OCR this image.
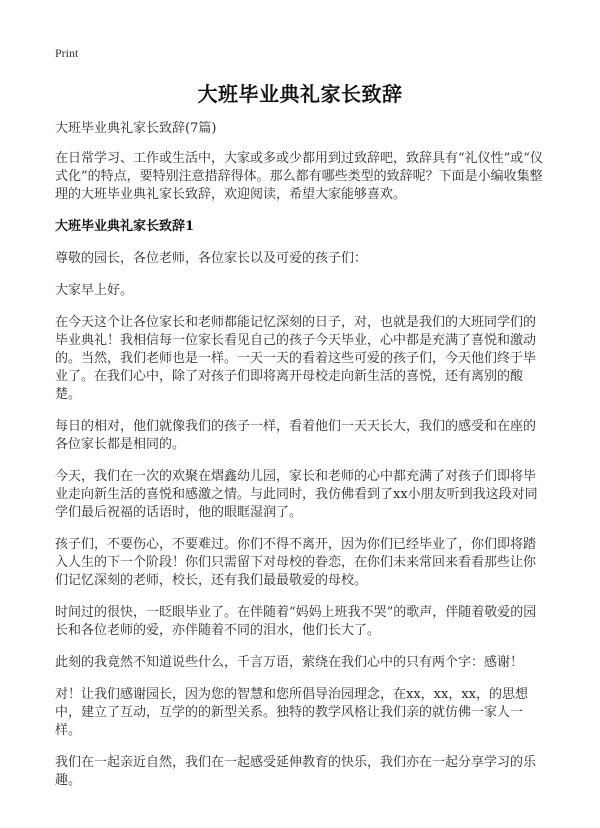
Print
大班毕业典礼家长致辞

大班毕业典礼家长致辞(7篇)

在日常学习、工作或生活中，大家或多或少都用到过致辞吧，致辞具有“礼仪性”或“仪式化”的特点，要特别注意措辞得体。那么都有哪些类型的致辞呢？下面是小编收集整理的大班毕业典礼家长致辞，欢迎阅读，希望大家能够喜欢。

大班毕业典礼家长致辞1

尊敬的园长，各位老师，各位家长以及可爱的孩子们：

大家早上好。

在今天这个让各位家长和老师都能记忆深刻的日子，对，也就是我们的大班同学们的毕业典礼！我相信每一位家长看见自己的孩子今天毕业，心中都是充满了喜悦和激动的。当然，我们老师也是一样。一天一天的看着这些可爱的孩子们，今天他们终于毕业了。在我们心中，除了对孩子们即将离开母校走向新生活的喜悦，还有离别的酸楚。

每日的相对，他们就像我们的孩子一样，看着他们一天天长大，我们的感受和在座的各位家长都是相同的。

今天，我们在一次的欢聚在熠鑫幼儿园，家长和老师的心中都充满了对孩子们即将毕业走向新生活的喜悦和感激之情。与此同时，我仿佛看到了xx小朋友听到我这段对同学们最后祝福的话语时，他的眼眶湿润了。

孩子们，不要伤心，不要难过。你们不得不离开，因为你们已经毕业了，你们即将踏入人生的下一个阶段！你们只需留下对母校的眷恋，在你们未来常回来看看那些让你们记忆深刻的老师，校长，还有我们最最敬爱的母校。

时间过的很快，一眨眼毕业了。在伴随着“妈妈上班我不哭”的歌声，伴随着敬爱的园长和各位老师的爱，亦伴随着不同的泪水，他们长大了。

此刻的我竟然不知道说些什么，千言万语，萦绕在我们心中的只有两个字：感谢！

对！让我们感谢园长，因为您的智慧和您所倡导治园理念，在xx，xx，xx，的思想中，建立了互动，互学的的新型关系。独特的教学风格让我们亲的就仿佛一家人一样。

我们在一起亲近自然，我们在一起感受延伸教育的快乐，我们亦在一起分享学习的乐趣。
